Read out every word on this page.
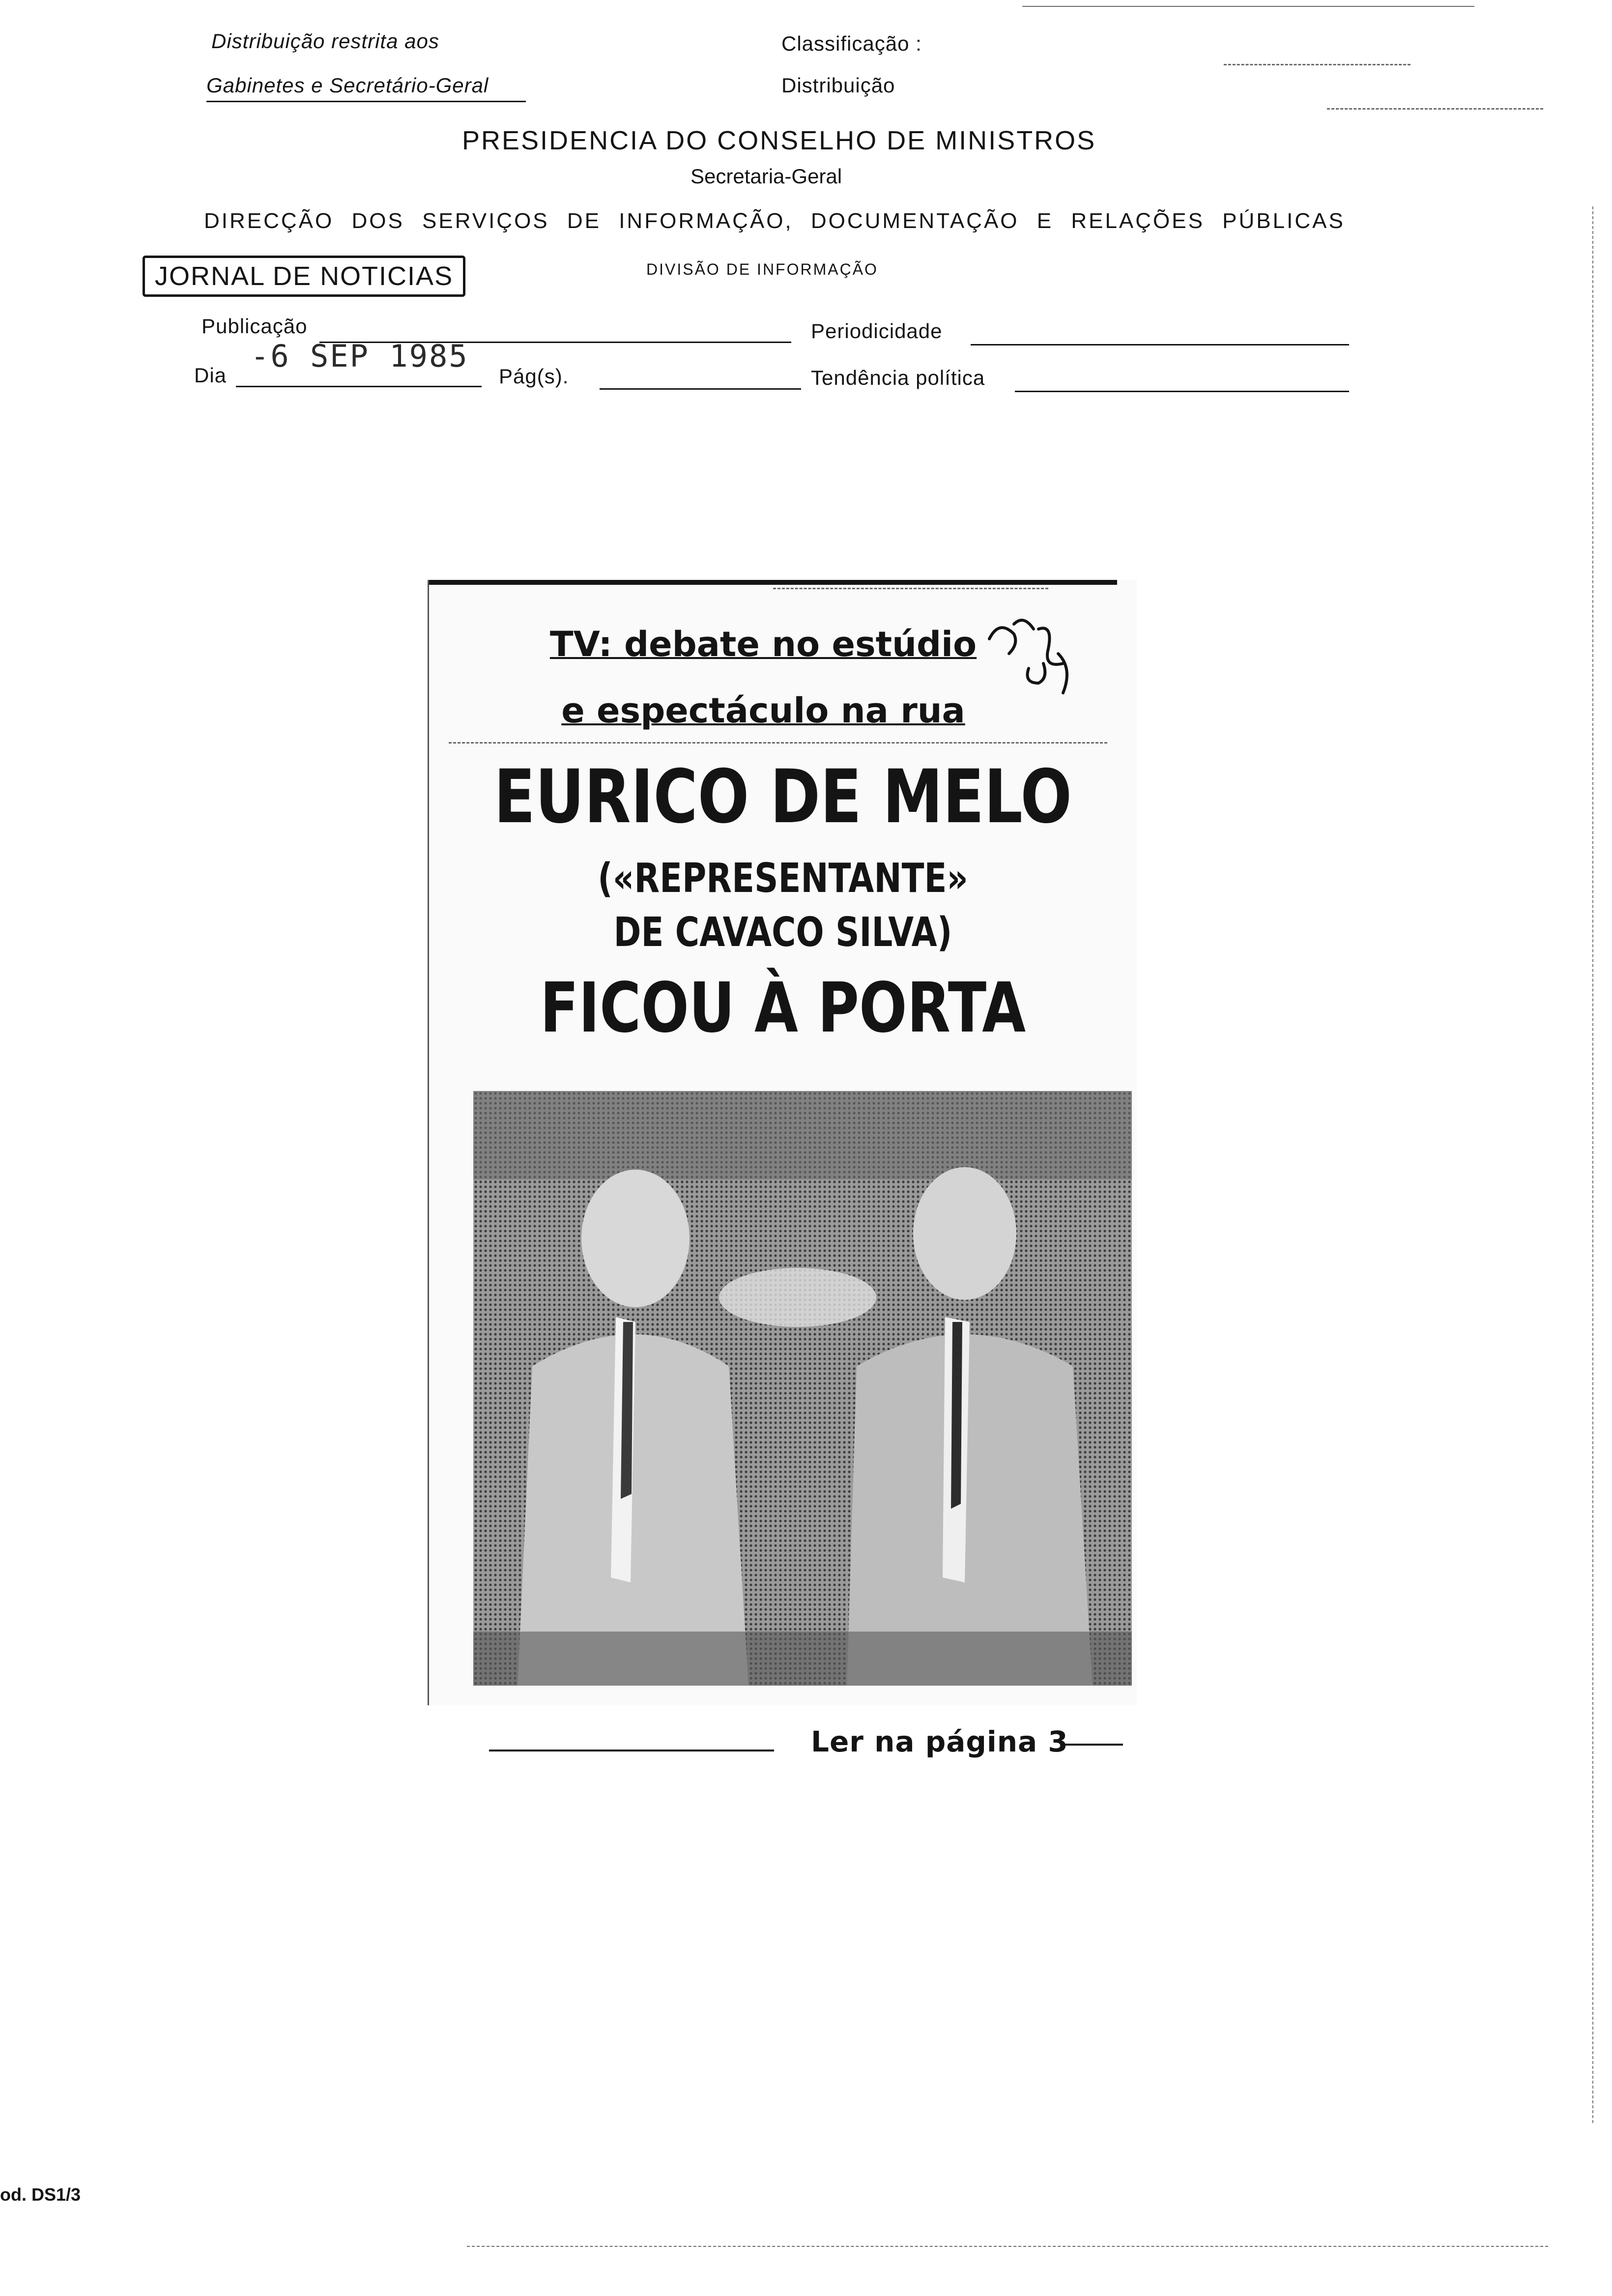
Distribuição restrita aos
Gabinetes e Secretário-Geral
Classificação :
Distribuição
PRESIDENCIA DO CONSELHO DE MINISTROS
Secretaria-Geral
DIRECÇÃO DOS SERVIÇOS DE INFORMAÇÃO, DOCUMENTAÇÃO E RELAÇÕES PÚBLICAS
JORNAL DE NOTICIAS	DIVISÃO DE INFORMAÇÃO
Publicação	Periodicidade
Dia
-6 SEP 1985
Pág(s).	Tendência política
TV: debate no estúdio
e espectáculo na rua
EURICO DE MELO
(«REPRESENTANTE»
DE CAVACO SILVA)
FICOU À PORTA
Ler na página 3
od. DS1/3
